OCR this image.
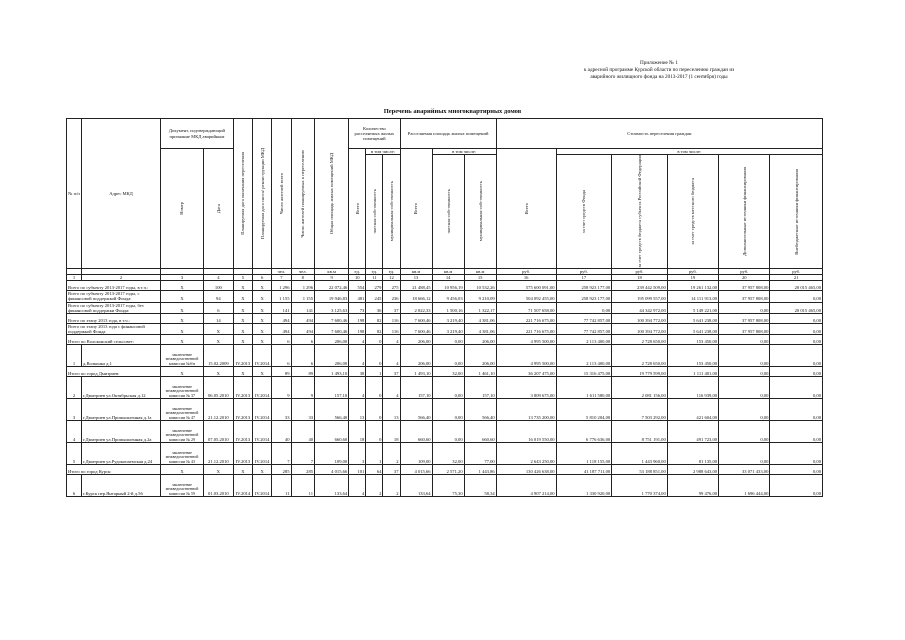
Приложение № 1
к адресной программе Курской области по переселению граждан из
аварийного жилищного фонда на 2013-2017 (1 сентября) годы
Перечень аварийных многоквартирных домов
№ п/п	Адрес МКД	Документ, подтверждающий признание МКД аварийным		Планируемая дата окончания переселения	Планируемая дата сноса/ реконструкции МКД	Число жителей всего	Число жителей планируемых к переселению	Общая площадь жилых помещений МКД	Количество расселяемых жилых помещений			Расселяемая площадь жилых помещений			Стоимость переселения граждан					

		Номер	Дата						Всего	в том числе:		Всего	в том числе:		Всего	в том числе:				

										частная собственность	муниципальная собственность		частная собственность	муниципальная собственность		за счет средств Фонда	за счет средств бюджета субъекта Российской Федерации	за счет средств местного бюджета	Дополнительные источники финансирования	Внебюджетные источники финансирования

						чел.	чел.	кв.м	ед.	ед.	ед.	кв.м	кв.м	кв.м	руб.	руб.	руб.	руб.	руб.	руб.
1	2	3	4	5	6	7	8	9	10	11	12	13	14	15	16	17	18	19	20	21
Всего по субъекту 2013-2017 годы, в т.ч.:		Х	100	Х	Х	1 296	1 296	22 072,46	554	279	275	21 488,45	10 956,19	10 532,26	575 600 091,00	258 923 177,00	239 442 509,00	19 261 132,00	37 957 808,00	20 015 465,00
Всего по субъекту 2013-2017 годы, с финансовой поддержкой Фонда:		Х	94	Х	Х	1 155	1 155	19 946,83	481	245	236	18 666,12	9 456,03	9 210,09	504 092 455,00	258 923 177,00	195 099 557,00	14 111 913,00	37 957 808,00	0,00
Всего по субъекту 2013-2017 годы, без финансовой поддержки Фонда:		Х	6	Х	Х	141	141	3 125,63	73	36	37	2 822,33	1 500,16	1 322,17	71 507 658,00	0,00	44 342 972,00	5 149 221,00	0,00	20 015 465,00
Всего по этапу 2013 года, в т.ч.:		Х	14	Х	Х	494	494	7 600,46	198	82	116	7 600,46	3 219,40	4 381,06	221 716 675,00	77 742 857,00	100 394 772,00	5 641 238,00	37 957 808,00	0,00
Всего по этапу 2013 года с финансовой поддержкой Фонда		Х	Х	Х	Х	494	494	7 600,46	198	82	116	7 600,46	3 219,40	4 381,06	221 716 675,00	77 742 857,00	100 394 772,00	5 641 238,00	37 957 808,00	0,00
Итого по Волоконский сельсовет:		Х	Х	Х	Х	6	6	206,00	4	0	4	206,00	0,00	206,00	4 995 500,00	2 113 400,00	2 728 650,00	153 450,00	0,00	0,00
1	д.Волконка д.1	заключение межведомственной комиссии №б/н	15.02.2009	IV.2013	IV.2014	6	6	206,00	4	0	4	206,00	0,00	206,00	4 995 500,00	2 113 400,00	2 728 650,00	153 450,00	0,00	0,00
Итого по город Дмитриев:		Х	Х	Х	Х	89	89	1 493,10	38	1	37	1 493,10	32,00	1 461,10	36 207 475,00	15 316 475,00	19 779 599,00	1 111 401,00	0,00	0,00
2	г.Дмитриев ул.Октябрьская д.12	заключение межведомственной комиссии № 37	06.05.2010	IV.2013	IV.2014	9	9	157,10	4	0	4	157,10	0,00	157,10	3 809 675,00	1 611 580,00	2 081 156,00	116 939,00	0,00	0,00
3	г.Дмитриев ул.Промышленная д.1а	заключение межведомственной комиссии № 47	21.12.2010	IV.2013	IV.2014	33	33	566,40	13	0	13	566,40	0,00	566,40	13 735 200,00	5 810 204,00	7 503 292,00	421 604,00	0,00	0,00
4	г.Дмитриев ул.Промышленная д.2а	заключение межведомственной комиссии № 29	07.05.2010	IV.2013	IV.2014	40	40	660,60	18	0	18	660,60	0,00	660,60	16 019 550,00	6 776 636,00	8 751 191,00	491 723,00	0,00	0,00
5	г.Дмитриев ул.Рудокопаемская д.24	заключение межведомственной комиссии № 43	21.12.2010	IV.2013	IV.2014	7	7	109,00	3	1	2	109,00	32,00	77,00	2 643 250,00	1 118 155,00	1 443 960,00	81 135,00	0,00	0,00
Итого по город Курск:		Х	Х	Х	Х	285	285	4 015,66	101	64	37	4 015,66	2 571,20	1 443,86	130 426 638,00	41 187 711,00	53 188 851,00	2 988 643,00	33 071 433,00	0,00
6	г.Курск пер.Янтарный 2-й д.56	заключение межведомственной комиссии № 59	01.03.2010	IV.2014	IV.2014	11	11	133,64	4	2	2	133,64	75,30	58,34	4 907 214,00	1 330 920,00	1 770 374,00	99 476,00	1 696 444,00	0,00
